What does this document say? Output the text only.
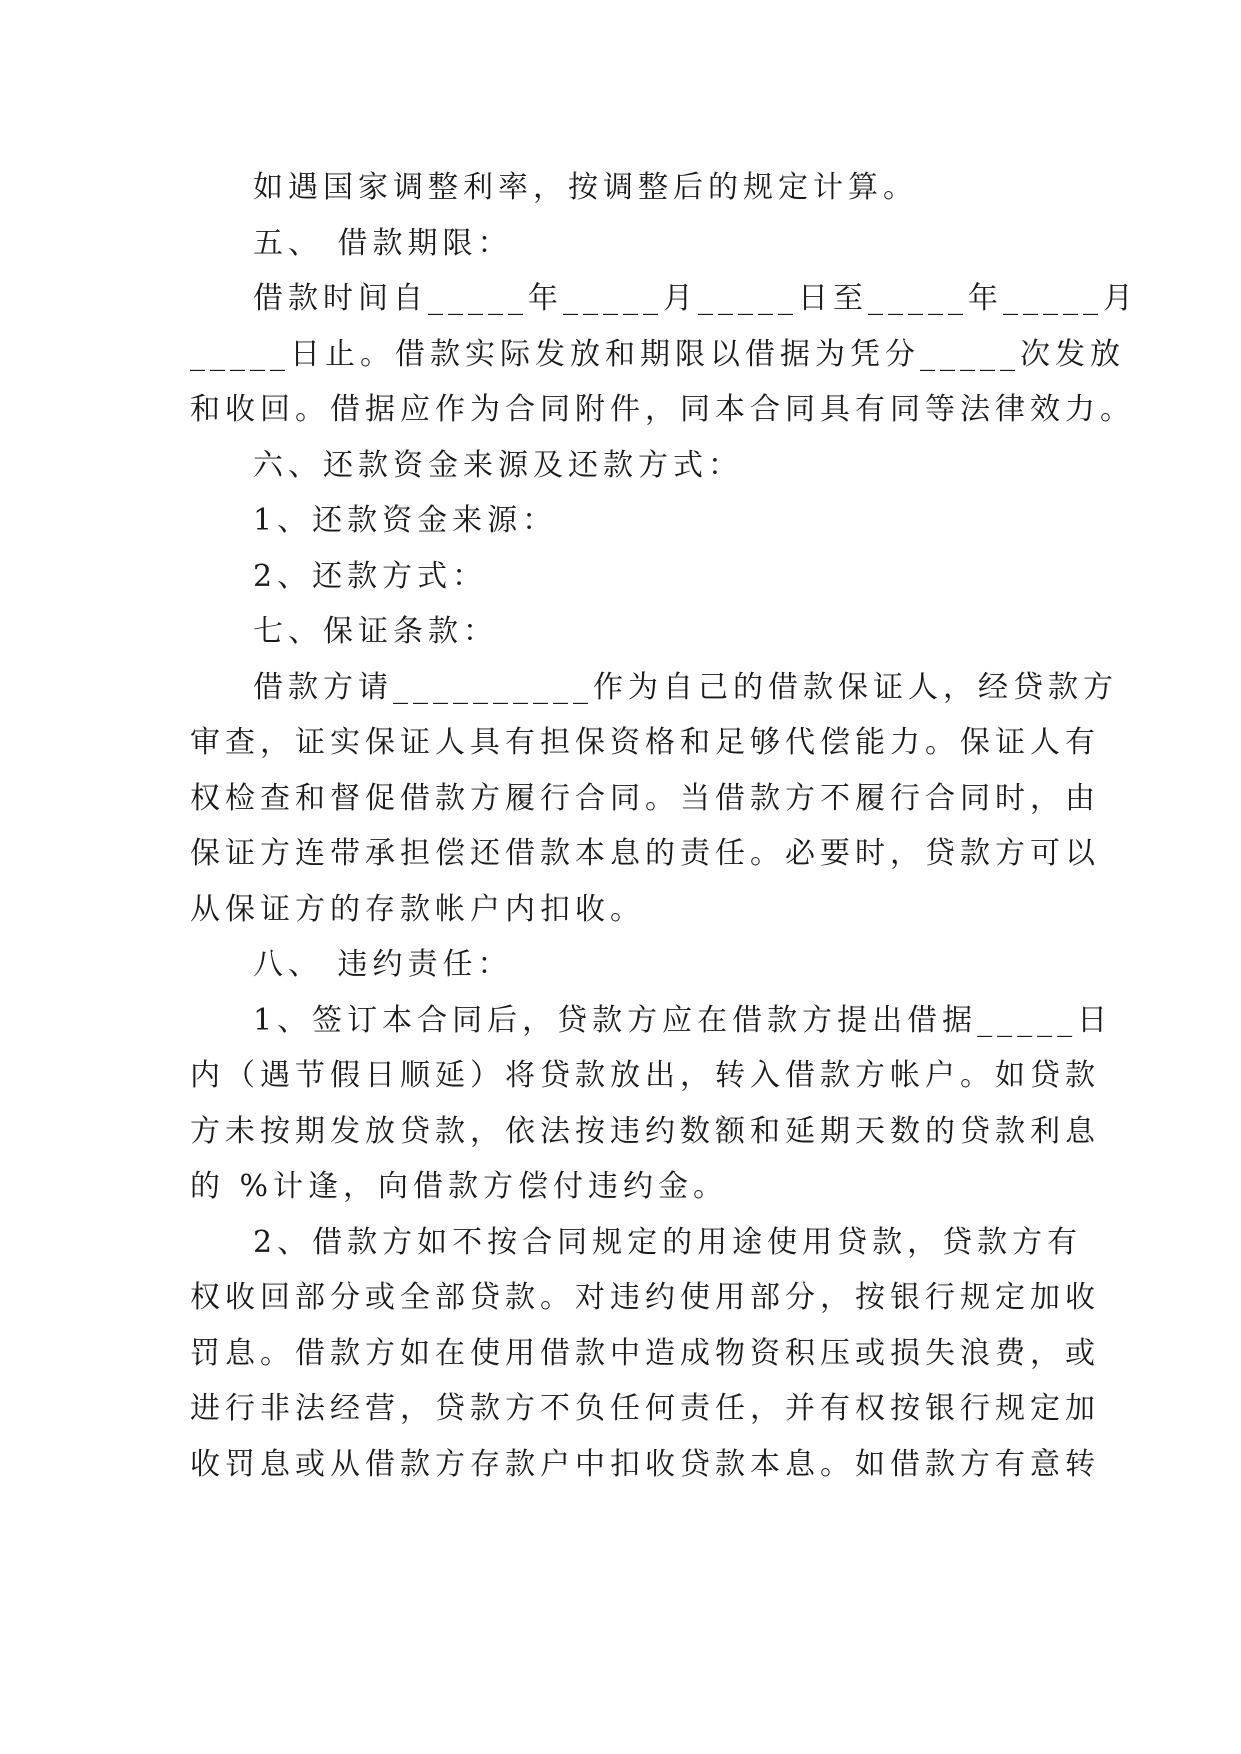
如遇国家调整利率，按调整后的规定计算。

五、 借款期限：

借款时间自_____年_____月_____日至_____年_____月

_____日止。借款实际发放和期限以借据为凭分_____次发放

和收回。借据应作为合同附件，同本合同具有同等法律效力。

六、还款资金来源及还款方式：

1、还款资金来源：

2、还款方式：

七、保证条款：

借款方请__________作为自己的借款保证人，经贷款方

审查，证实保证人具有担保资格和足够代偿能力。保证人有

权检查和督促借款方履行合同。当借款方不履行合同时，由

保证方连带承担偿还借款本息的责任。必要时，贷款方可以

从保证方的存款帐户内扣收。

八、 违约责任：

1、签订本合同后，贷款方应在借款方提出借据_____日

内（遇节假日顺延）将贷款放出，转入借款方帐户。如贷款

方未按期发放贷款，依法按违约数额和延期天数的贷款利息

的 %计逢，向借款方偿付违约金。

2、借款方如不按合同规定的用途使用贷款，贷款方有

权收回部分或全部贷款。对违约使用部分，按银行规定加收

罚息。借款方如在使用借款中造成物资积压或损失浪费，或

进行非法经营，贷款方不负任何责任，并有权按银行规定加

收罚息或从借款方存款户中扣收贷款本息。如借款方有意转
